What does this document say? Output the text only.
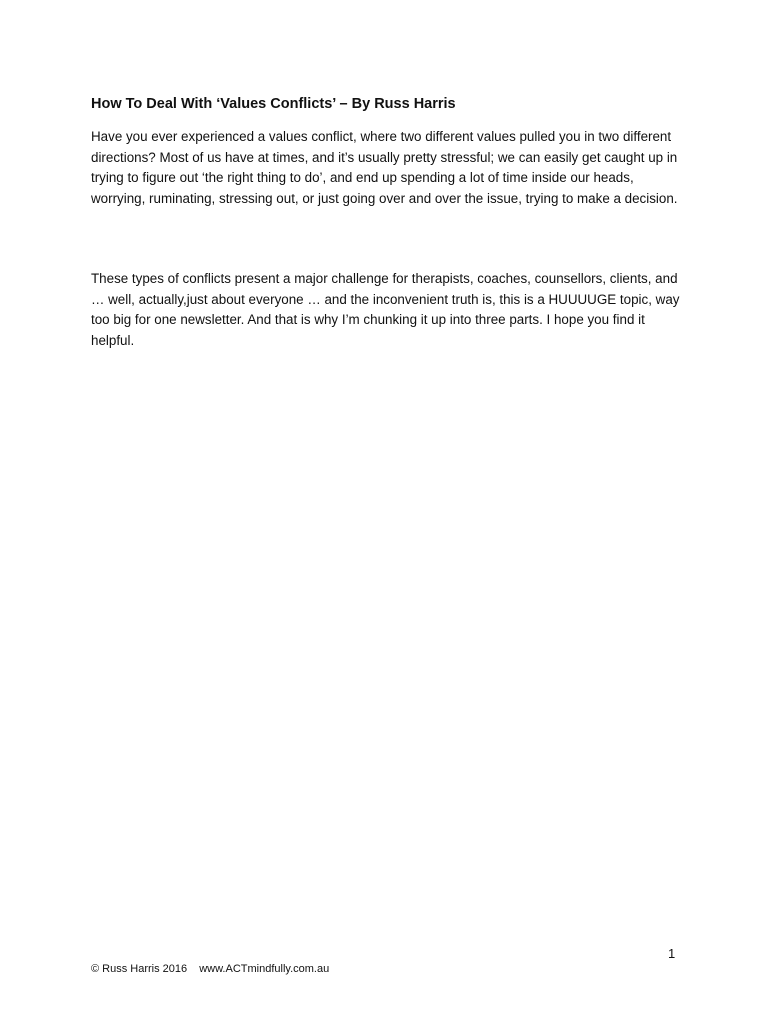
How To Deal With ‘Values Conflicts’ – By Russ Harris

Have you ever experienced a values conflict, where two different values pulled you in two different directions? Most of us have at times, and it’s usually pretty stressful; we can easily get caught up in trying to figure out ‘the right thing to do’, and end up spending a lot of time inside our heads, worrying, ruminating, stressing out, or just going over and over the issue, trying to make a decision.

These types of conflicts present a major challenge for therapists, coaches, counsellors, clients, and … well, actually,just about everyone … and the inconvenient truth is, this is a HUUUUGE topic, way too big for one newsletter. And that is why I’m chunking it up into three parts. I hope you find it helpful.

1
© Russ Harris 2016 www.ACTmindfully.com.au
